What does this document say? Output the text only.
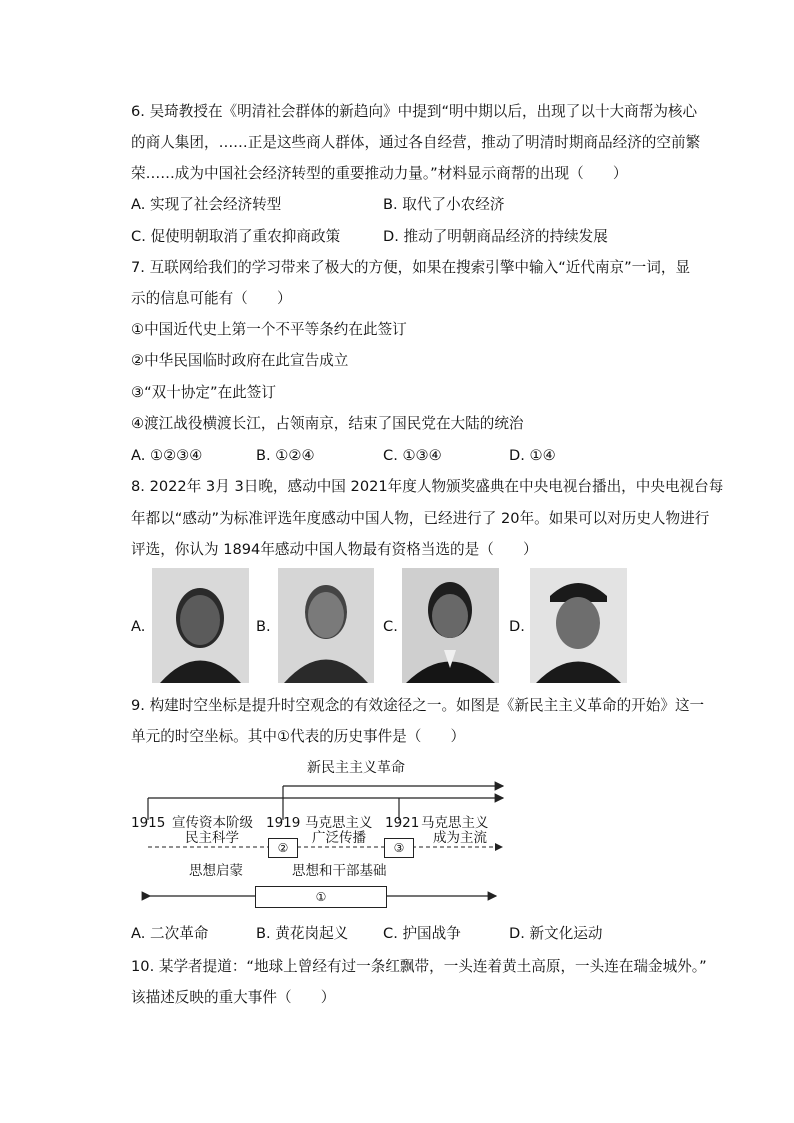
6. 吴琦教授在《明清社会群体的新趋向》中提到“明中期以后，出现了以十大商帮为核心
的商人集团，……正是这些商人群体，通过各自经营，推动了明清时期商品经济的空前繁
荣……成为中国社会经济转型的重要推动力量。”材料显示商帮的出现（　　）
A. 实现了社会经济转型	B. 取代了小农经济
C. 促使明朝取消了重农抑商政策	D. 推动了明朝商品经济的持续发展
7. 互联网给我们的学习带来了极大的方便，如果在搜索引擎中输入“近代南京”一词，显
示的信息可能有（　　）
①中国近代史上第一个不平等条约在此签订
②中华民国临时政府在此宣告成立
③“双十协定”在此签订
④渡江战役横渡长江，占领南京，结束了国民党在大陆的统治
A. ①②③④	B. ①②④	C. ①③④	D. ①④
8. 2022年 3月 3日晚，感动中国 2021年度人物颁奖盛典在中央电视台播出，中央电视台每
年都以“感动”为标准评选年度感动中国人物，已经进行了 20年。如果可以对历史人物进行
评选，你认为 1894年感动中国人物最有资格当选的是（　　）
A.	B.	C.	D.
9. 构建时空坐标是提升时空观念的有效途径之一。如图是《新民主主义革命的开始》这一
单元的时空坐标。其中①代表的历史事件是（　　）
新民主主义革命
1915	1919	1921
宣传资本阶级
民主科学
马克思主义
广泛传播
马克思主义
成为主流
②	③
思想启蒙	思想和干部基础
①
A. 二次革命	B. 黄花岗起义 C. 护国战争	D. 新文化运动
10. 某学者提道：“地球上曾经有过一条红飘带，一头连着黄土高原，一头连在瑞金城外。”
该描述反映的重大事件（　　）
